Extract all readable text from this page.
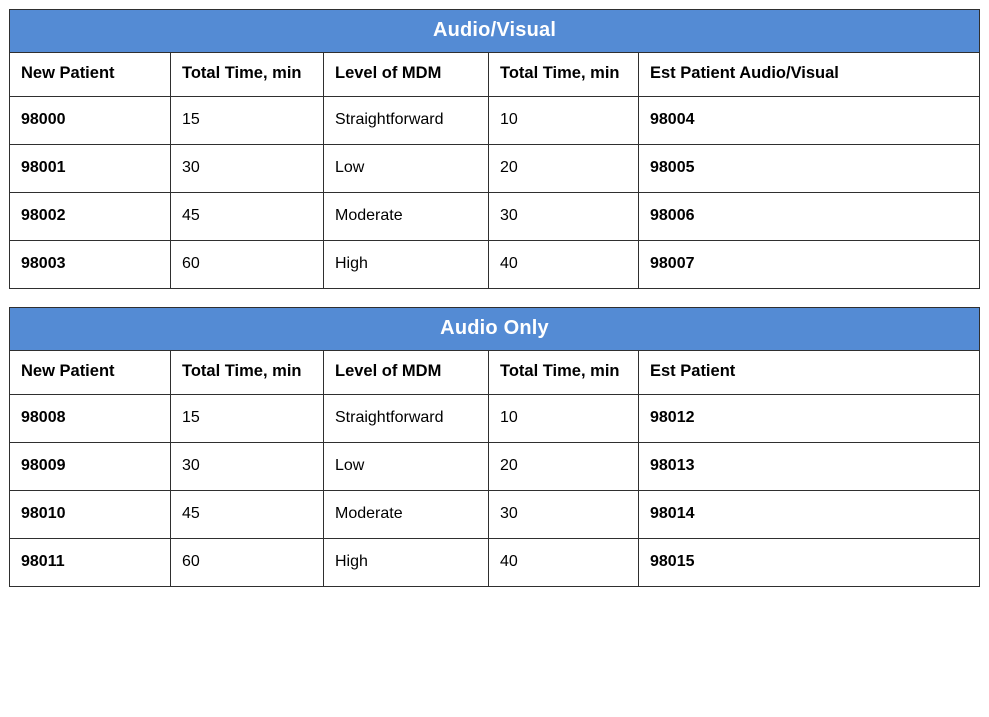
Audio/Visual				
New Patient	Total Time, min	Level of MDM	Total Time, min	Est Patient Audio/Visual
98000	15	Straightforward	10	98004
98001	30	Low	20	98005
98002	45	Moderate	30	98006
98003	60	High	40	98007
Audio Only				
New Patient	Total Time, min	Level of MDM	Total Time, min	Est Patient
98008	15	Straightforward	10	98012
98009	30	Low	20	98013
98010	45	Moderate	30	98014
98011	60	High	40	98015
